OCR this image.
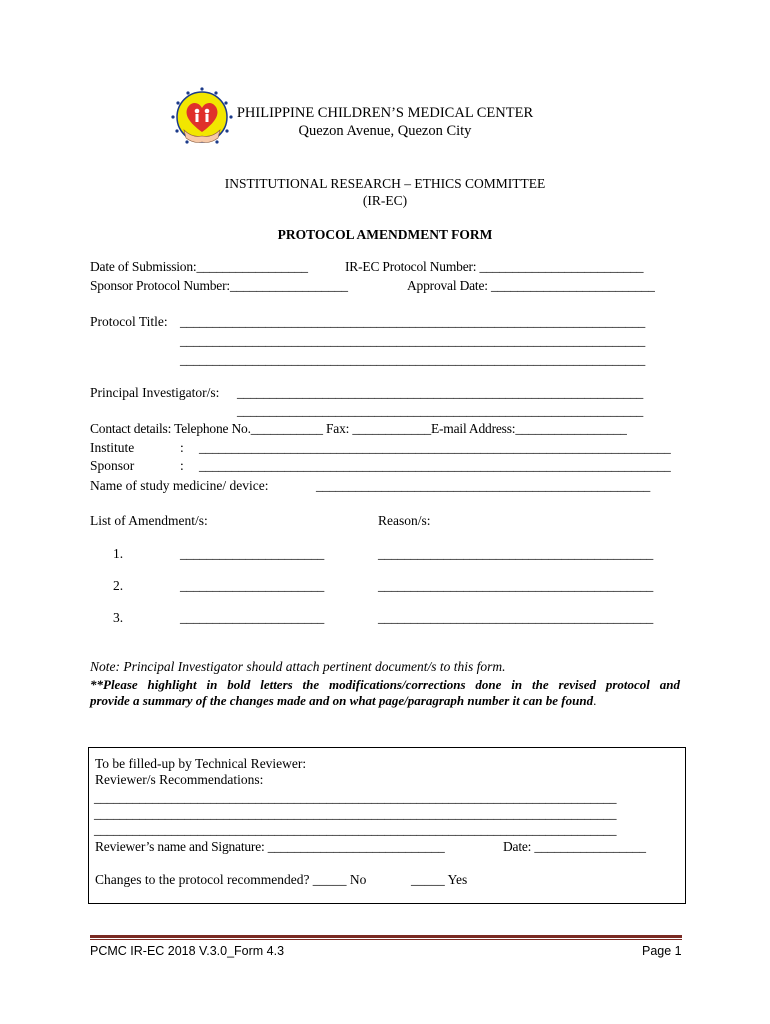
PHILIPPINE CHILDREN’S MEDICAL CENTER
Quezon Avenue, Quezon City
INSTITUTIONAL RESEARCH – ETHICS COMMITTEE
(IR-EC)
PROTOCOL AMENDMENT FORM
Date of Submission:_________________	IR-EC Protocol Number: _________________________
Sponsor Protocol Number:__________________	Approval Date: _________________________
Protocol Title: _______________________________________________________________________
_______________________________________________________________________
_______________________________________________________________________
Principal Investigator/s: ______________________________________________________________
______________________________________________________________
Contact details: Telephone No.___________ Fax: ____________E-mail Address:_________________
Institute	: ________________________________________________________________________
Sponsor	: ________________________________________________________________________
Name of study medicine/ device:	___________________________________________________
List of Amendment/s:	Reason/s:
1.	______________________	__________________________________________
2.	______________________	__________________________________________
3.	______________________	__________________________________________
Note: Principal Investigator should attach pertinent document/s to this form.
**Please highlight in bold letters the modifications/corrections done in the revised protocol and
provide a summary of the changes made and on what page/paragraph number it can be found.
To be filled-up by Technical Reviewer:
Reviewer/s Recommendations:
_________________________________________________________________________________
_________________________________________________________________________________
_________________________________________________________________________________
Reviewer’s name and Signature: ___________________________	Date: _________________
Changes to the protocol recommended? _____ No	_____ Yes
PCMC IR-EC 2018 V.3.0_Form 4.3	Page 1
